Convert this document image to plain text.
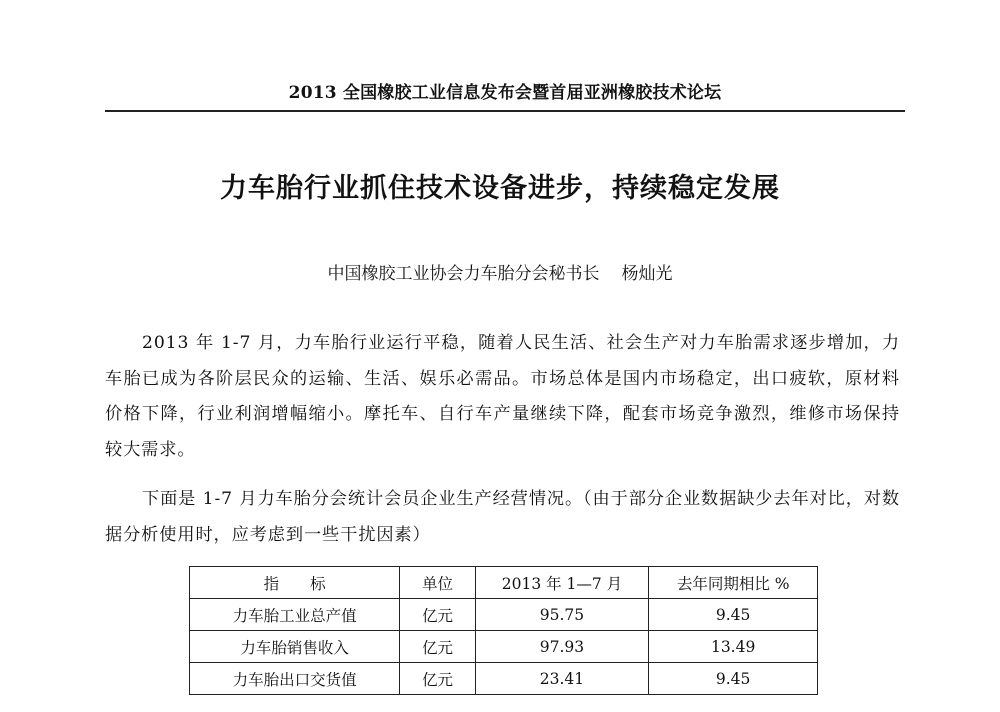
2013 全国橡胶工业信息发布会暨首届亚洲橡胶技术论坛
力车胎行业抓住技术设备进步，持续稳定发展
中国橡胶工业协会力车胎分会秘书长 杨灿光

2013 年 1-7 月，力车胎行业运行平稳，随着人民生活、社会生产对力车胎需求逐步增加，力车胎已成为各阶层民众的运输、生活、娱乐必需品。市场总体是国内市场稳定，出口疲软，原材料价格下降，行业利润增幅缩小。摩托车、自行车产量继续下降，配套市场竞争激烈，维修市场保持较大需求。

下面是 1-7 月力车胎分会统计会员企业生产经营情况。（由于部分企业数据缺少去年对比，对数据分析使用时，应考虑到一些干扰因素）

指　　标	单位	2013 年 1—7 月	去年同期相比 %
力车胎工业总产值	亿元	95.75	9.45
力车胎销售收入	亿元	97.93	13.49
力车胎出口交货值	亿元	23.41	9.45
